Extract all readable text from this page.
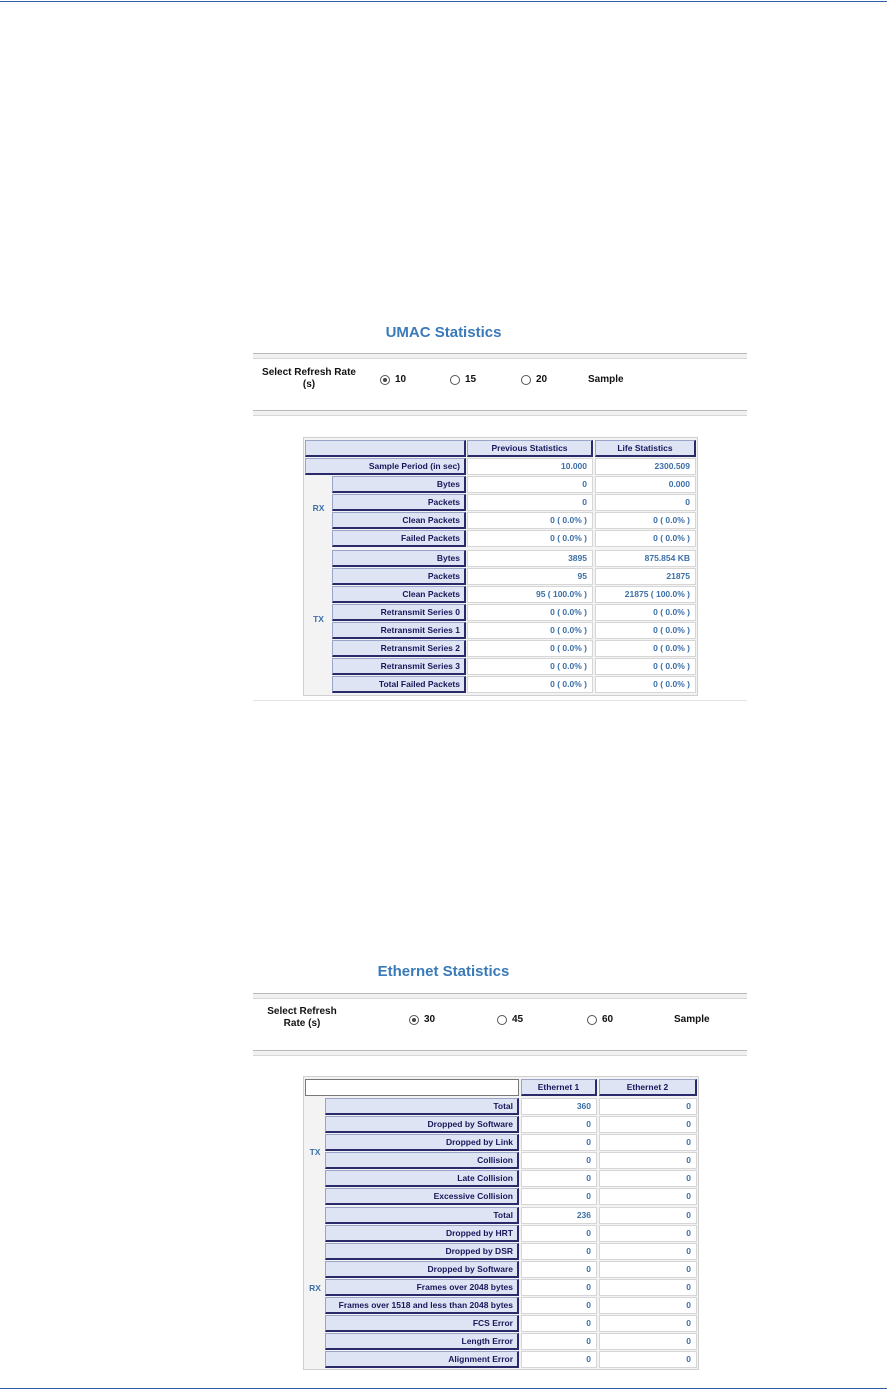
UMAC Statistics
Select Refresh Rate (s)	10	15	20	Sample
Previous Statistics	Life Statistics
Sample Period (in sec)	10.000	2300.509
RX
Bytes	0	0.000
Packets	0	0
Clean Packets	0 ( 0.0% )	0 ( 0.0% )
Failed Packets	0 ( 0.0% )	0 ( 0.0% )
TX
Bytes	3895	875.854 KB
Packets	95	21875
Clean Packets	95 ( 100.0% )	21875 ( 100.0% )
Retransmit Series 0	0 ( 0.0% )	0 ( 0.0% )
Retransmit Series 1	0 ( 0.0% )	0 ( 0.0% )
Retransmit Series 2	0 ( 0.0% )	0 ( 0.0% )
Retransmit Series 3	0 ( 0.0% )	0 ( 0.0% )
Total Failed Packets	0 ( 0.0% )	0 ( 0.0% )
Ethernet Statistics
Select Refresh Rate (s)	30	45	60	Sample
Ethernet 1	Ethernet 2
TX
Total	360	0
Dropped by Software	0	0
Dropped by Link	0	0
Collision	0	0
Late Collision	0	0
Excessive Collision	0	0
RX
Total	236	0
Dropped by HRT	0	0
Dropped by DSR	0	0
Dropped by Software	0	0
Frames over 2048 bytes	0	0
Frames over 1518 and less than 2048 bytes	0	0
FCS Error	0	0
Length Error	0	0
Alignment Error	0	0
